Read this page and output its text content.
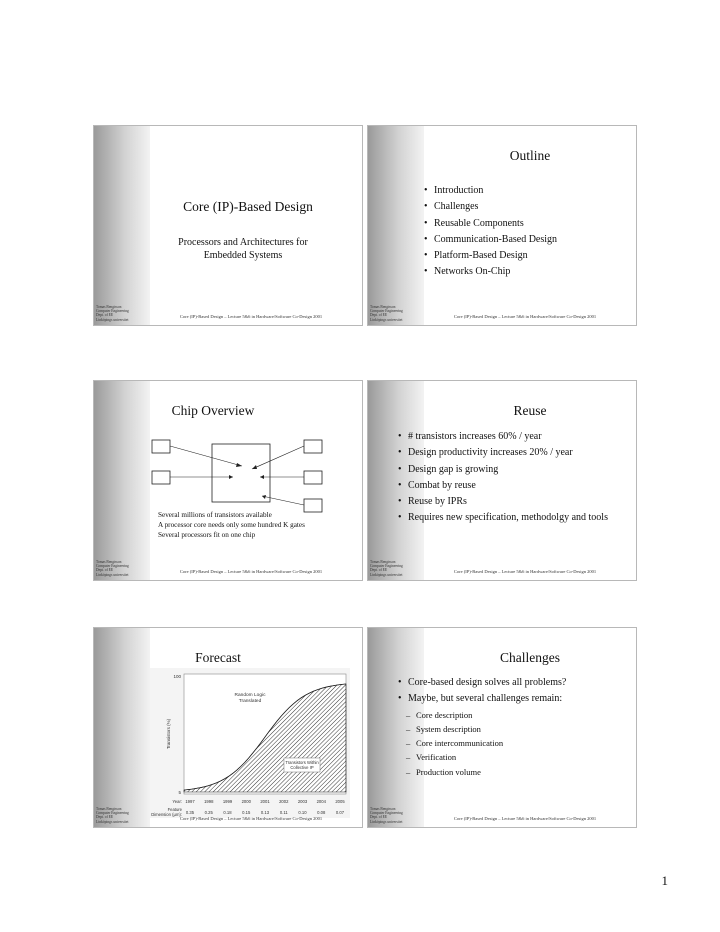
Core (IP)-Based Design
Processors and Architectures for
Embedded Systems
Tomas Bengtsson
Computer Engineering
Dept. of EE
Linköpings universitet
Core (IP)-Based Design – Lecture 5&6 in Hardware/Software Co-Design 2001
Outline
• Introduction
• Challenges
• Reusable Components
• Communication-Based Design
• Platform-Based Design
• Networks On-Chip
Tomas Bengtsson
Computer Engineering
Dept. of EE
Linköpings universitet
Core (IP)-Based Design – Lecture 5&6 in Hardware/Software Co-Design 2001
Chip Overview
Several millions of transistors available
A processor core needs only some hundred K gates
Several processors fit on one chip
Tomas Bengtsson
Computer Engineering
Dept. of EE
Linköpings universitet
Core (IP)-Based Design – Lecture 5&6 in Hardware/Software Co-Design 2001
Reuse
• # transistors increases 60% / year
• Design productivity increases 20% / year
• Design gap is growing
• Combat by reuse
• Reuse by IPRs
• Requires new specification, methodolgy and tools
Tomas Bengtsson
Computer Engineering
Dept. of EE
Linköpings universitet
Core (IP)-Based Design – Lecture 5&6 in Hardware/Software Co-Design 2001
Forecast
Random Logic
Translated
Transistors Within
Collective IP
100
5
Transistors (%)
Year:
Feature
Dimension (µm):
1997
0.35
1998
0.25
1999
0.18
2000
0.15
2001
0.13
2002
0.11
2003
0.10
2004
0.08
2005
0.07
Tomas Bengtsson
Computer Engineering
Dept. of EE
Linköpings universitet
Core (IP)-Based Design – Lecture 5&6 in Hardware/Software Co-Design 2001
Challenges
• Core-based design solves all problems?
• Maybe, but several challenges remain:
– Core description
– System description
– Core intercommunication
– Verification
– Production volume
Tomas Bengtsson
Computer Engineering
Dept. of EE
Linköpings universitet
Core (IP)-Based Design – Lecture 5&6 in Hardware/Software Co-Design 2001
1
